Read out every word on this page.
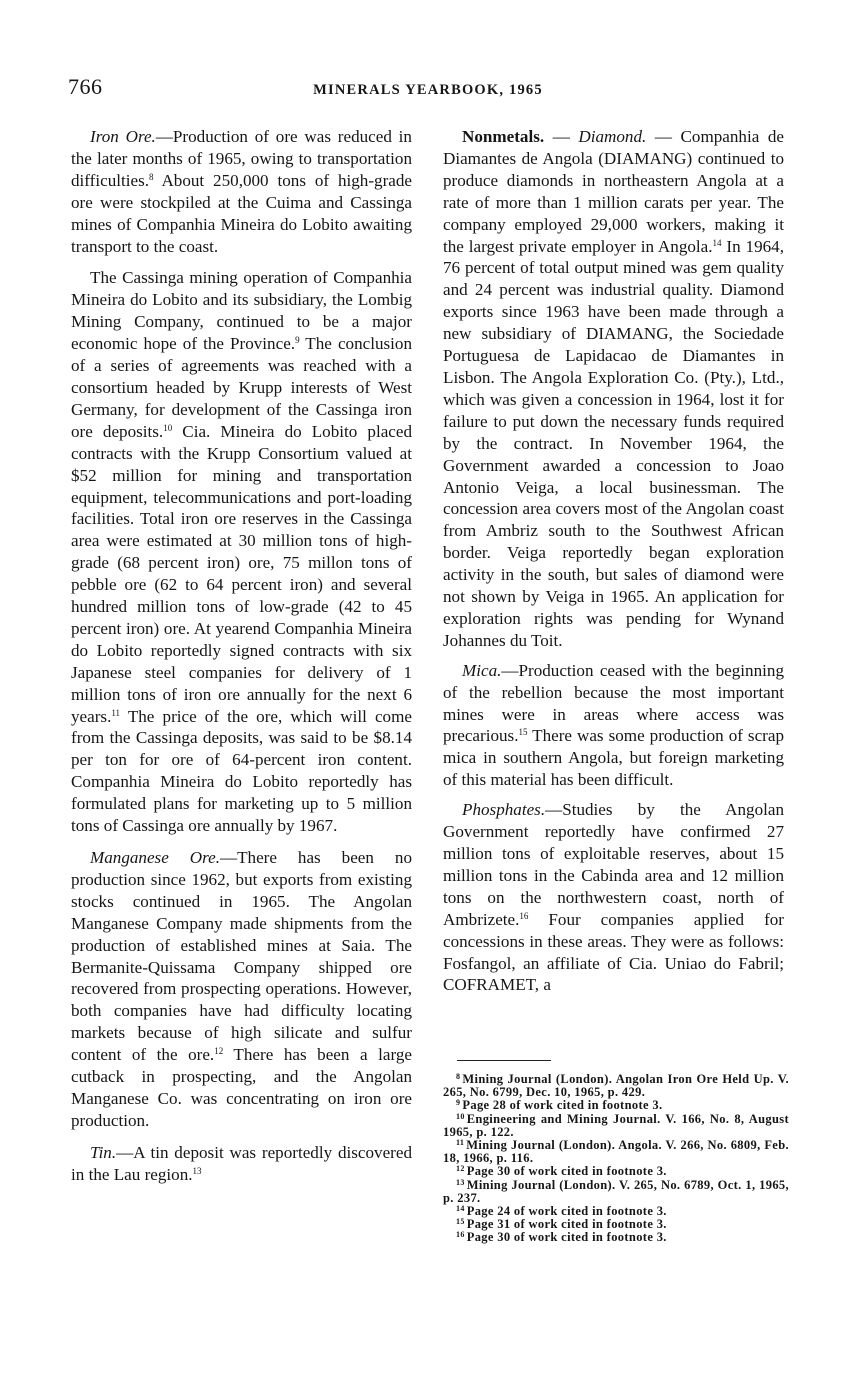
766	MINERALS YEARBOOK, 1965

Iron Ore.—Production of ore was reduced in the later months of 1965, owing to transportation difficulties.$^8$ About 250,000 tons of high-grade ore were stockpiled at the Cuima and Cassinga mines of Companhia Mineira do Lobito awaiting transport to the coast.

The Cassinga mining operation of Companhia Mineira do Lobito and its subsidiary, the Lombig Mining Company, continued to be a major economic hope of the Province.$^9$ The conclusion of a series of agreements was reached with a consortium headed by Krupp interests of West Germany, for development of the Cassinga iron ore deposits.$^{10}$ Cia. Mineira do Lobito placed contracts with the Krupp Consortium valued at $52 million for mining and transportation equipment, telecommunications and port-loading facilities. Total iron ore reserves in the Cassinga area were estimated at 30 million tons of high-grade (68 percent iron) ore, 75 millon tons of pebble ore (62 to 64 percent iron) and several hundred million tons of low-grade (42 to 45 percent iron) ore. At yearend Companhia Mineira do Lobito reportedly signed contracts with six Japanese steel companies for delivery of 1 million tons of iron ore annually for the next 6 years.$^{11}$ The price of the ore, which will come from the Cassinga deposits, was said to be $8.14 per ton for ore of 64-percent iron content. Companhia Mineira do Lobito reportedly has formulated plans for marketing up to 5 million tons of Cassinga ore annually by 1967.

Manganese Ore.—There has been no production since 1962, but exports from existing stocks continued in 1965. The Angolan Manganese Company made shipments from the production of established mines at Saia. The Bermanite-Quissama Company shipped ore recovered from prospecting operations. However, both companies have had difficulty locating markets because of high silicate and sulfur content of the ore.$^{12}$ There has been a large cutback in prospecting, and the Angolan Manganese Co. was concentrating on iron ore production.

Tin.—A tin deposit was reportedly discovered in the Lau region.$^{13}$

Nonmetals. — Diamond. — Companhia de Diamantes de Angola (DIAMANG) continued to produce diamonds in northeastern Angola at a rate of more than 1 million carats per year. The company employed 29,000 workers, making it the largest private employer in Angola.$^{14}$ In 1964, 76 percent of total output mined was gem quality and 24 percent was industrial quality. Diamond exports since 1963 have been made through a new subsidiary of DIAMANG, the Sociedade Portuguesa de Lapidacao de Diamantes in Lisbon. The Angola Exploration Co. (Pty.), Ltd., which was given a concession in 1964, lost it for failure to put down the necessary funds required by the contract. In November 1964, the Government awarded a concession to Joao Antonio Veiga, a local businessman. The concession area covers most of the Angolan coast from Ambriz south to the Southwest African border. Veiga reportedly began exploration activity in the south, but sales of diamond were not shown by Veiga in 1965. An application for exploration rights was pending for Wynand Johannes du Toit.

Mica.—Production ceased with the beginning of the rebellion because the most important mines were in areas where access was precarious.$^{15}$ There was some production of scrap mica in southern Angola, but foreign marketing of this material has been difficult.

Phosphates.—Studies by the Angolan Government reportedly have confirmed 27 million tons of exploitable reserves, about 15 million tons in the Cabinda area and 12 million tons on the northwestern coast, north of Ambrizete.$^{16}$ Four companies applied for concessions in these areas. They were as follows: Fosfangol, an affiliate of Cia. Uniao do Fabril; COFRAMET, a

$^8$ Mining Journal (London). Angolan Iron Ore Held Up. V. 265, No. 6799, Dec. 10, 1965, p. 429.

$^9$ Page 28 of work cited in footnote 3.

$^{10}$ Engineering and Mining Journal. V. 166, No. 8, August 1965, p. 122.

$^{11}$ Mining Journal (London). Angola. V. 266, No. 6809, Feb. 18, 1966, p. 116.

$^{12}$ Page 30 of work cited in footnote 3.

$^{13}$ Mining Journal (London). V. 265, No. 6789, Oct. 1, 1965, p. 237.

$^{14}$ Page 24 of work cited in footnote 3.

$^{15}$ Page 31 of work cited in footnote 3.

$^{16}$ Page 30 of work cited in footnote 3.
